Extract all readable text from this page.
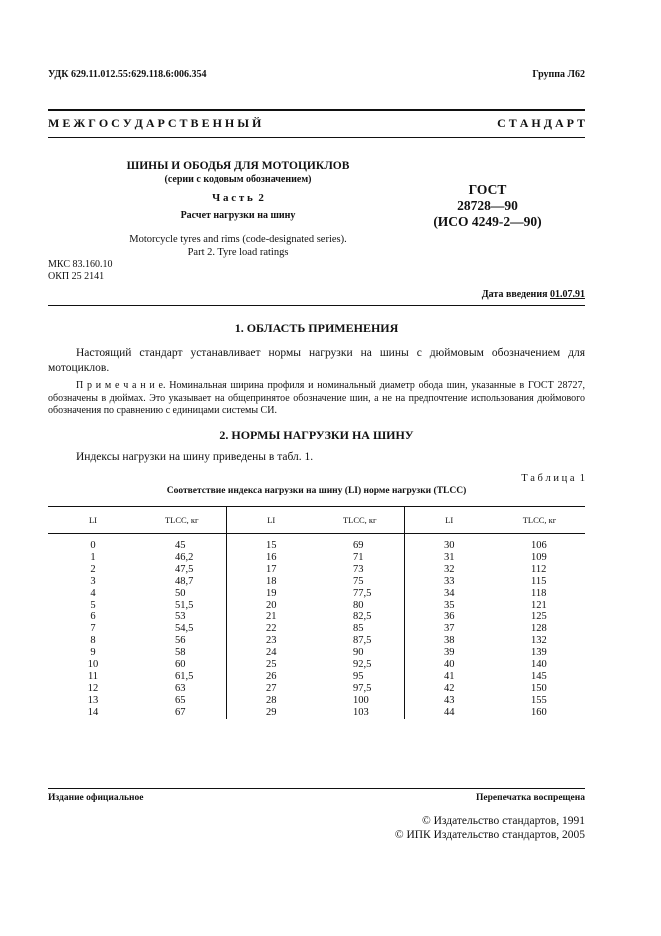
УДК 629.11.012.55:629.118.6:006.354	Группа Л62
М Е Ж Г О С У Д А Р С Т В Е Н Н Ы Й	С Т А Н Д А Р Т
ШИНЫ И ОБОДЬЯ ДЛЯ МОТОЦИКЛОВ
(серии с кодовым обозначением)
Ч а с т ь  2
Расчет нагрузки на шину
Motorcycle tyres and rims (code-designated series).
Part 2. Tyre load ratings
ГОСТ
28728—90
(ИСО 4249-2—90)
МКС 83.160.10
ОКП 25 2141
Дата введения 01.07.91
1. ОБЛАСТЬ ПРИМЕНЕНИЯ

Настоящий стандарт устанавливает нормы нагрузки на шины с дюймовым обозначением для мотоциклов.

П р и м е ч а н и е. Номинальная ширина профиля и номинальный диаметр обода шин, указанные в ГОСТ 28727, обозначены в дюймах. Это указывает на общепринятое обозначение шин, а не на предпочтение использования дюймового обозначения по сравнению с единицами системы СИ.

2. НОРМЫ НАГРУЗКИ НА ШИНУ

Индексы нагрузки на шину приведены в табл. 1.

Т а б л и ц а  1
Соответствие индекса нагрузки на шину (LI) норме нагрузки (TLCC)
LI	TLCC, кг	LI	TLCC, кг	LI	TLCC, кг
0	45	15	69	30	106
1	46,2	16	71	31	109
2	47,5	17	73	32	112
3	48,7	18	75	33	115
4	50	19	77,5	34	118
5	51,5	20	80	35	121
6	53	21	82,5	36	125
7	54,5	22	85	37	128
8	56	23	87,5	38	132
9	58	24	90	39	139
10	60	25	92,5	40	140
11	61,5	26	95	41	145
12	63	27	97,5	42	150
13	65	28	100	43	155
14	67	29	103	44	160
Издание официальное	Перепечатка воспрещена
© Издательство стандартов, 1991
© ИПК Издательство стандартов, 2005
